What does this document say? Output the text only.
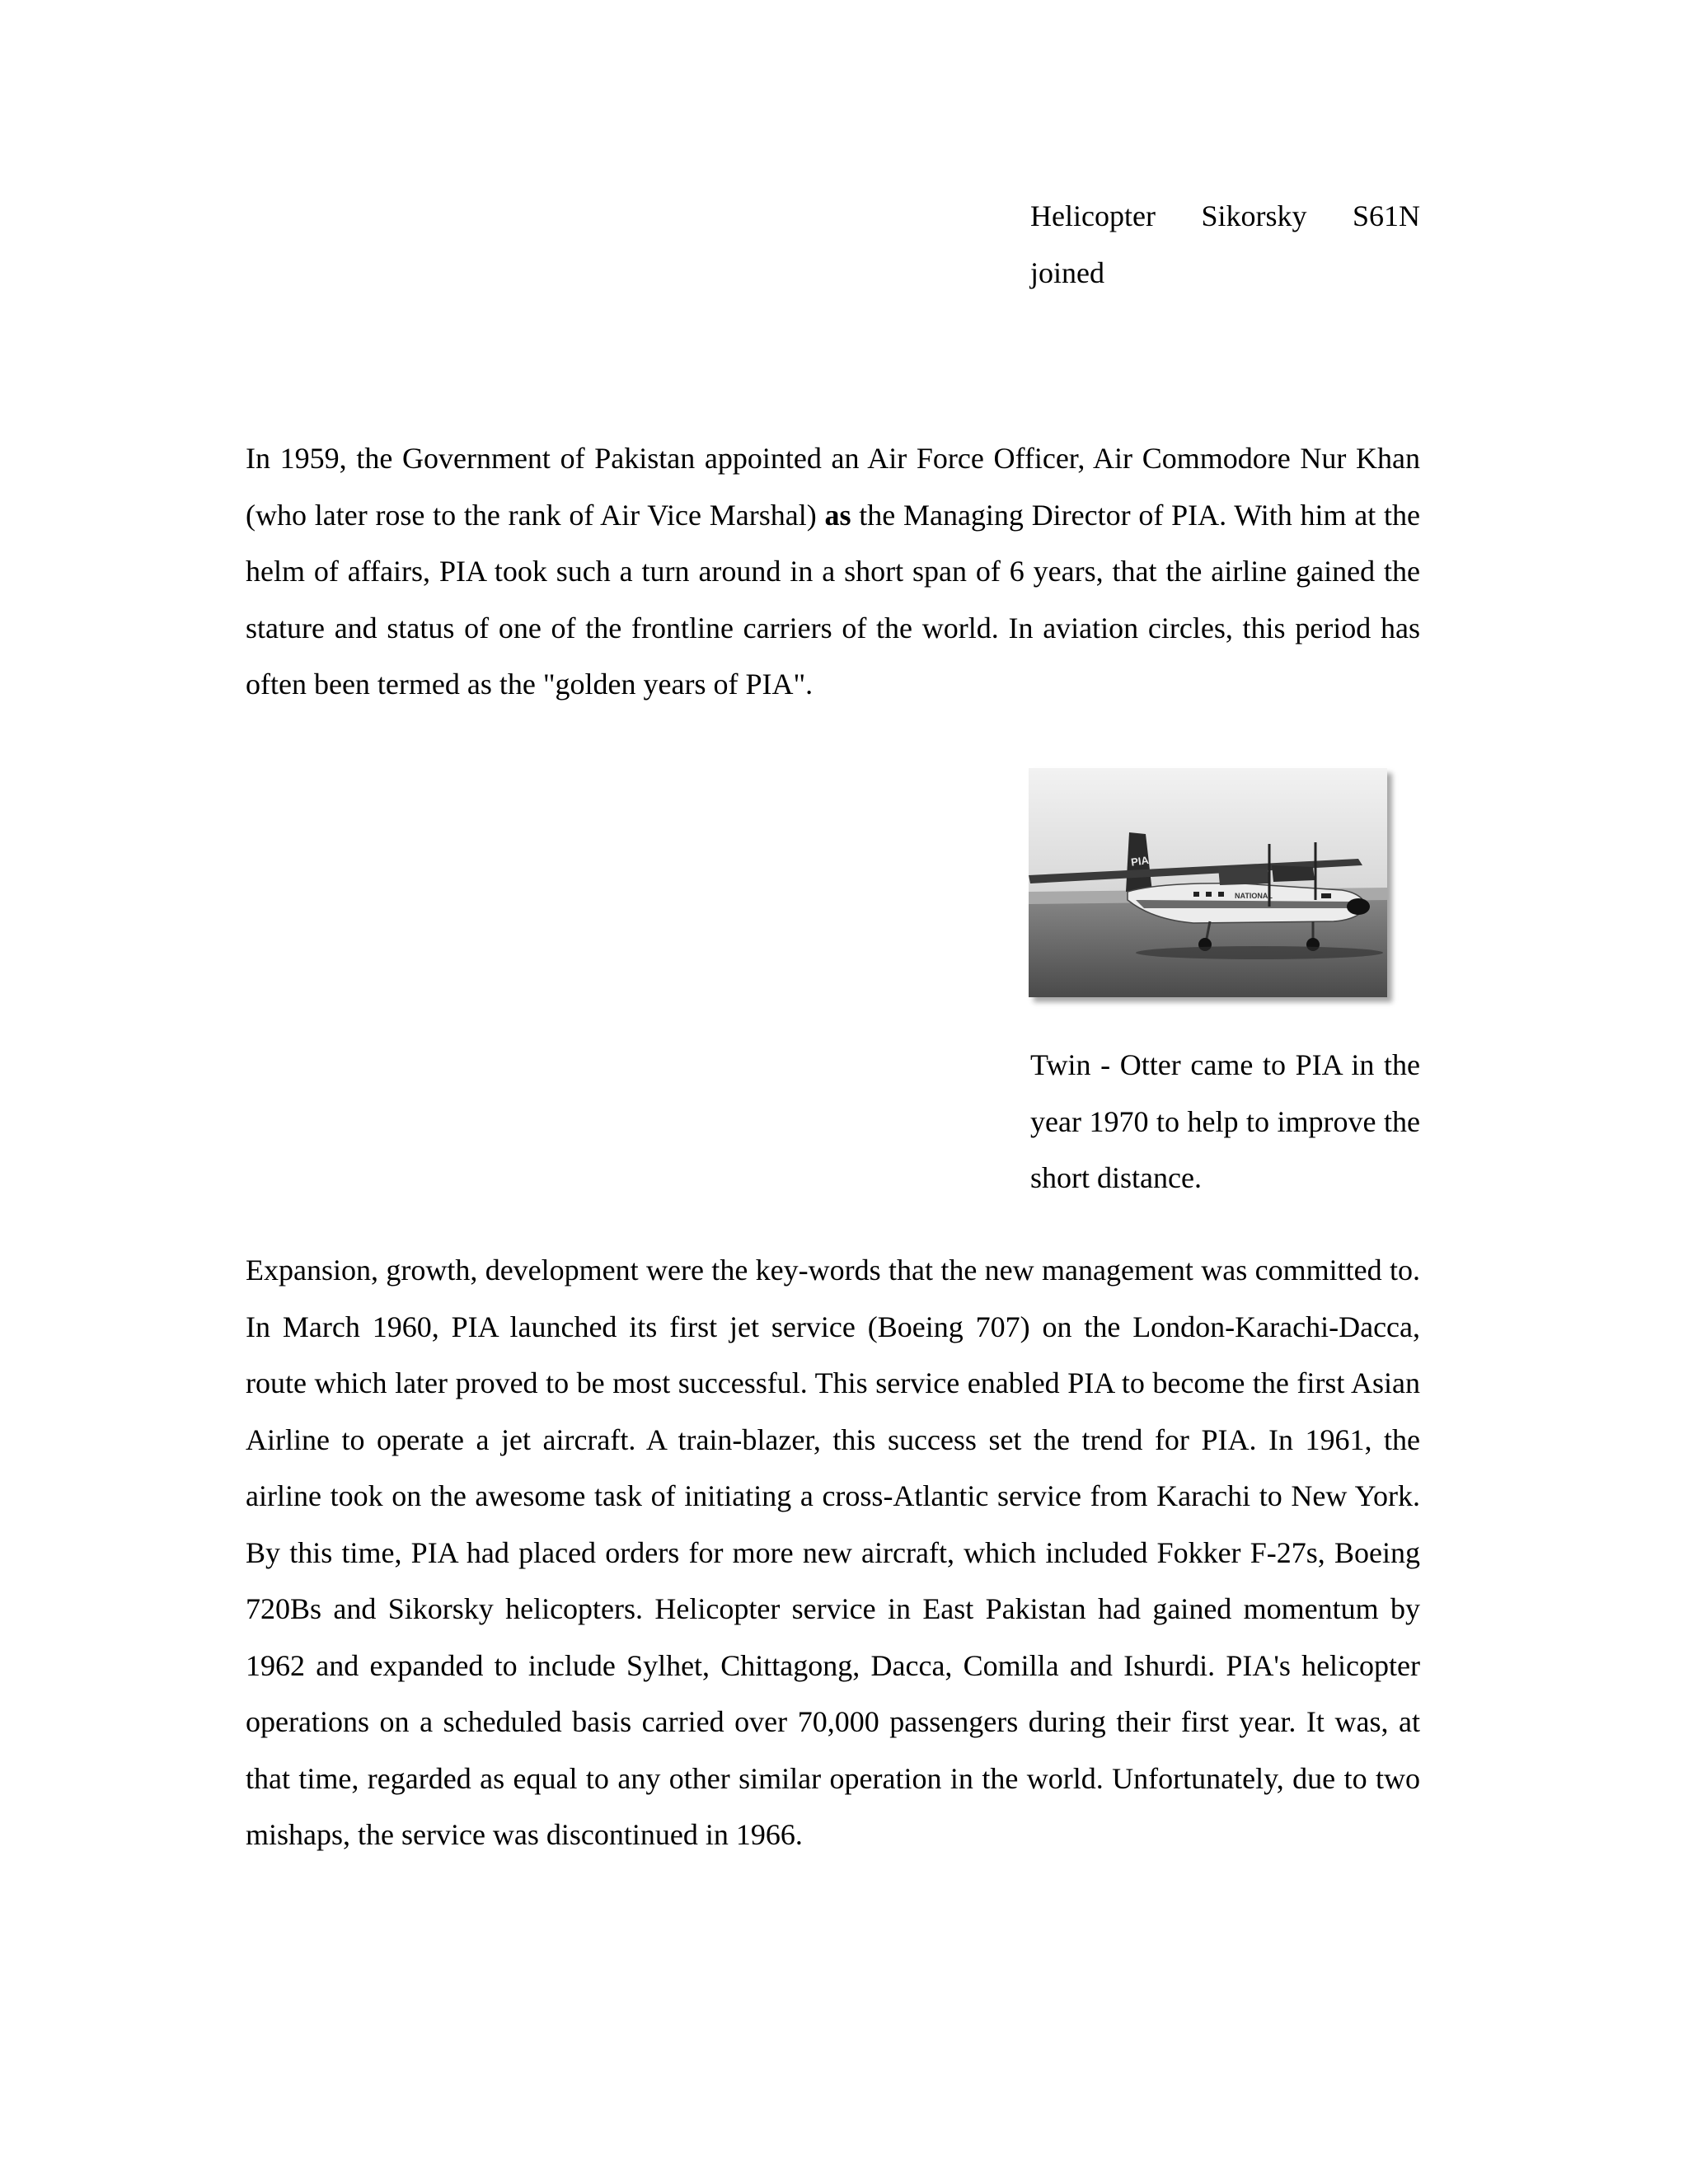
Helicopter Sikorsky S61N joined

In 1959, the Government of Pakistan appointed an Air Force Officer, Air Commodore Nur Khan (who later rose to the rank of Air Vice Marshal) as the Managing Director of PIA. With him at the helm of affairs, PIA took such a turn around in a short span of 6 years, that the airline gained the stature and status of one of the frontline carriers of the world. In aviation circles, this period has often been termed as the "golden years of PIA".

PIA
NATIONAL
Twin - Otter came to PIA in the year 1970 to help to improve the short distance.

Expansion, growth, development were the key-words that the new management was committed to. In March 1960, PIA launched its first jet service (Boeing 707) on the London-Karachi-Dacca, route which later proved to be most successful. This service enabled PIA to become the first Asian Airline to operate a jet aircraft. A train-blazer, this success set the trend for PIA. In 1961, the airline took on the awesome task of initiating a cross-Atlantic service from Karachi to New York. By this time, PIA had placed orders for more new aircraft, which included Fokker F-27s, Boeing 720Bs and Sikorsky helicopters. Helicopter service in East Pakistan had gained momentum by 1962 and expanded to include Sylhet, Chittagong, Dacca, Comilla and Ishurdi. PIA's helicopter operations on a scheduled basis carried over 70,000 passengers during their first year. It was, at that time, regarded as equal to any other similar operation in the world. Unfortunately, due to two mishaps, the service was discontinued in 1966.
